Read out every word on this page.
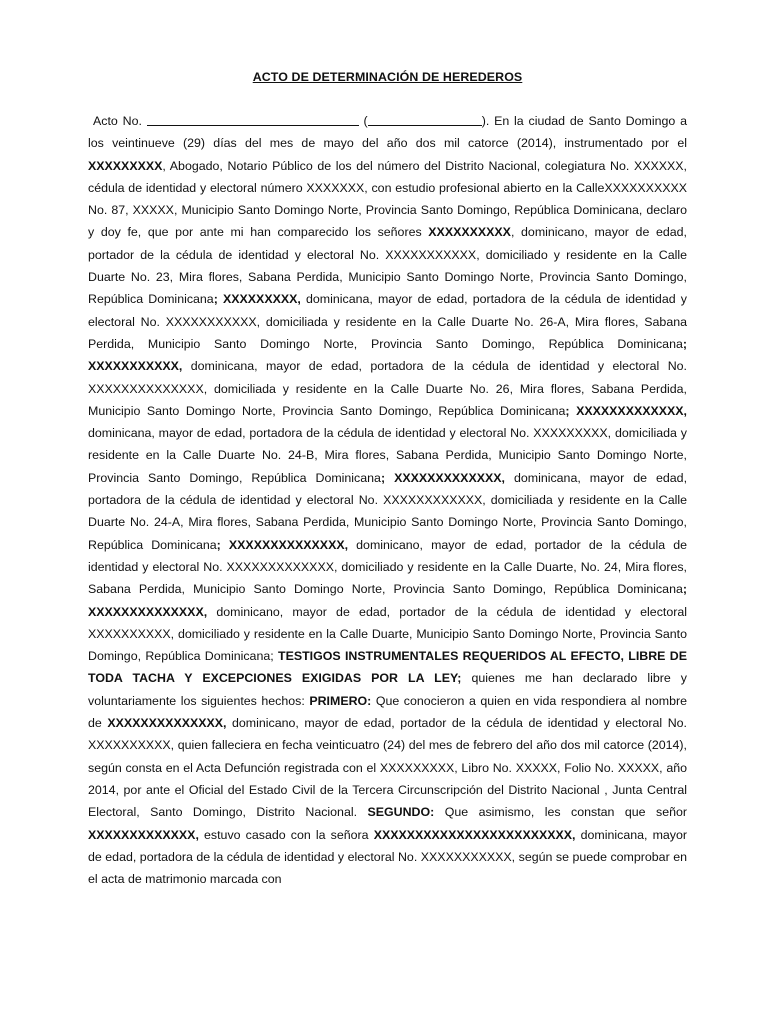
ACTO DE DETERMINACIÓN DE HEREDEROS

Acto No.	(	). En la ciudad de Santo Domingo a los veintinueve (29) días del mes de mayo del año dos mil catorce (2014), instrumentado por el XXXXXXXXX, Abogado, Notario Público de los del número del Distrito Nacional, colegiatura No. XXXXXX, cédula de identidad y electoral número XXXXXXX, con estudio profesional abierto en la CalleXXXXXXXXXX No. 87, XXXXX, Municipio Santo Domingo Norte, Provincia Santo Domingo, República Dominicana, declaro y doy fe, que por ante mi han comparecido los señores XXXXXXXXXX, dominicano, mayor de edad, portador de la cédula de identidad y electoral No. XXXXXXXXXXX, domiciliado y residente en la Calle Duarte No. 23, Mira flores, Sabana Perdida, Municipio Santo Domingo Norte, Provincia Santo Domingo, República Dominicana; XXXXXXXXX, dominicana, mayor de edad, portadora de la cédula de identidad y electoral No. XXXXXXXXXXX, domiciliada y residente en la Calle Duarte No. 26-A, Mira flores, Sabana Perdida, Municipio Santo Domingo Norte, Provincia Santo Domingo, República Dominicana; XXXXXXXXXXX, dominicana, mayor de edad, portadora de la cédula de identidad y electoral No. XXXXXXXXXXXXXX, domiciliada y residente en la Calle Duarte No. 26, Mira flores, Sabana Perdida, Municipio Santo Domingo Norte, Provincia Santo Domingo, República Dominicana; XXXXXXXXXXXXX, dominicana, mayor de edad, portadora de la cédula de identidad y electoral No. XXXXXXXXX, domiciliada y residente en la Calle Duarte No. 24-B, Mira flores, Sabana Perdida, Municipio Santo Domingo Norte, Provincia Santo Domingo, República Dominicana; XXXXXXXXXXXXX, dominicana, mayor de edad, portadora de la cédula de identidad y electoral No. XXXXXXXXXXXX, domiciliada y residente en la Calle Duarte No. 24-A, Mira flores, Sabana Perdida, Municipio Santo Domingo Norte, Provincia Santo Domingo, República Dominicana; XXXXXXXXXXXXXX, dominicano, mayor de edad, portador de la cédula de identidad y electoral No. XXXXXXXXXXXXX, domiciliado y residente en la Calle Duarte, No. 24, Mira flores, Sabana Perdida, Municipio Santo Domingo Norte, Provincia Santo Domingo, República Dominicana; XXXXXXXXXXXXXX, dominicano, mayor de edad, portador de la cédula de identidad y electoral XXXXXXXXXX, domiciliado y residente en la Calle Duarte, Municipio Santo Domingo Norte, Provincia Santo Domingo, República Dominicana; TESTIGOS INSTRUMENTALES REQUERIDOS AL EFECTO, LIBRE DE TODA TACHA Y EXCEPCIONES EXIGIDAS POR LA LEY; quienes me han declarado libre y voluntariamente los siguientes hechos: PRIMERO: Que conocieron a quien en vida respondiera al nombre de XXXXXXXXXXXXXX, dominicano, mayor de edad, portador de la cédula de identidad y electoral No. XXXXXXXXXX, quien falleciera en fecha veinticuatro (24) del mes de febrero del año dos mil catorce (2014), según consta en el Acta Defunción registrada con el XXXXXXXXX, Libro No. XXXXX, Folio No. XXXXX, año 2014, por ante el Oficial del Estado Civil de la Tercera Circunscripción del Distrito Nacional , Junta Central Electoral, Santo Domingo, Distrito Nacional. SEGUNDO: Que asimismo, les constan que señor XXXXXXXXXXXXX, estuvo casado con la señora XXXXXXXXXXXXXXXXXXXXXXXX, dominicana, mayor de edad, portadora de la cédula de identidad y electoral No. XXXXXXXXXXX, según se puede comprobar en el acta de matrimonio marcada con
